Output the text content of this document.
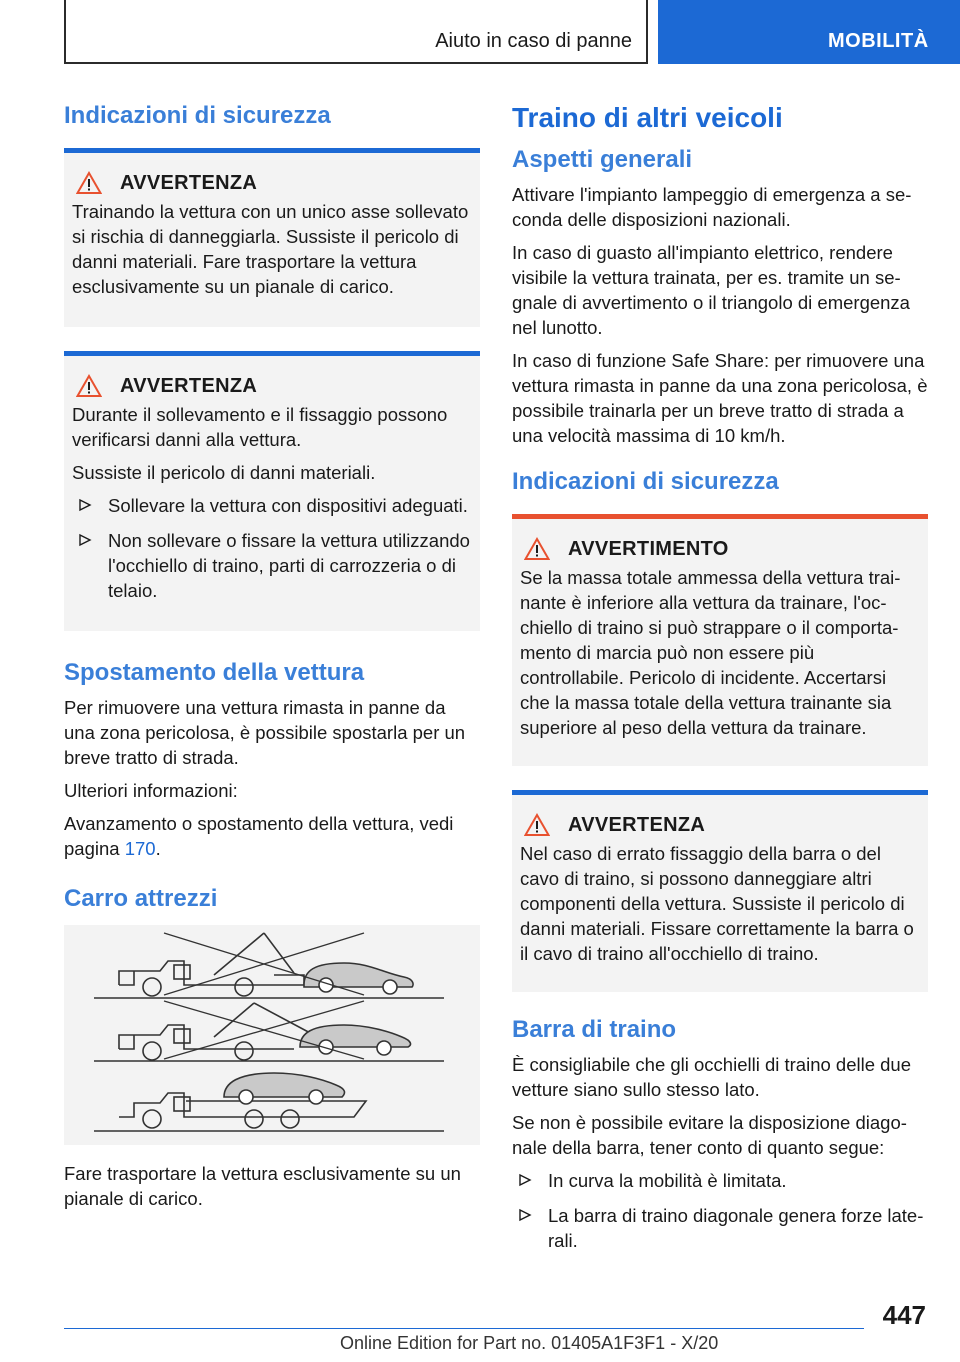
Aiuto in caso di panne	MOBILITÀ
Indicazioni di sicurezza
AVVERTENZA

Trainando la vettura con un unico asse sollevato si rischia di danneggiarla. Sussiste il pericolo di danni materiali. Fare trasportare la vettura esclusivamente su un pianale di carico.

AVVERTENZA

Durante il sollevamento e il fissaggio possono verificarsi danni alla vettura.

Sussiste il pericolo di danni materiali.

Sollevare la vettura con dispositivi adeguati.
Non sollevare o fissare la vettura utilizzando l'occhiello di traino, parti di carrozzeria o di telaio.
Spostamento della vettura

Per rimuovere una vettura rimasta in panne da una zona pericolosa, è possibile spostarla per un breve tratto di strada.

Ulteriori informazioni:

Avanzamento o spostamento della vettura, vedi pagina 170.

Carro attrezzi

Fare trasportare la vettura esclusivamente su un pianale di carico.

Traino di altri veicoli
Aspetti generali

Attivare l'impianto lampeggio di emergenza a seconda delle disposizioni nazionali.

In caso di guasto all'impianto elettrico, rendere visibile la vettura trainata, per es. tramite un segnale di avvertimento o il triangolo di emergenza nel lunotto.

In caso di funzione Safe Share: per rimuovere una vettura rimasta in panne da una zona pericolosa, è possibile trainarla per un breve tratto di strada a una velocità massima di 10 km/h.

Indicazioni di sicurezza
AVVERTIMENTO

Se la massa totale ammessa della vettura trainante è inferiore alla vettura da trainare, l'occhiello di traino si può strappare o il comportamento di marcia può non essere più controllabile. Pericolo di incidente. Accertarsi che la massa totale della vettura trainante sia superiore al peso della vettura da trainare.

AVVERTENZA

Nel caso di errato fissaggio della barra o del cavo di traino, si possono danneggiare altri componenti della vettura. Sussiste il pericolo di danni materiali. Fissare correttamente la barra o il cavo di traino all'occhiello di traino.

Barra di traino

È consigliabile che gli occhielli di traino delle due vetture siano sullo stesso lato.

Se non è possibile evitare la disposizione diagonale della barra, tener conto di quanto segue:

In curva la mobilità è limitata.
La barra di traino diagonale genera forze laterali.
447
Online Edition for Part no. 01405A1F3F1 - X/20
